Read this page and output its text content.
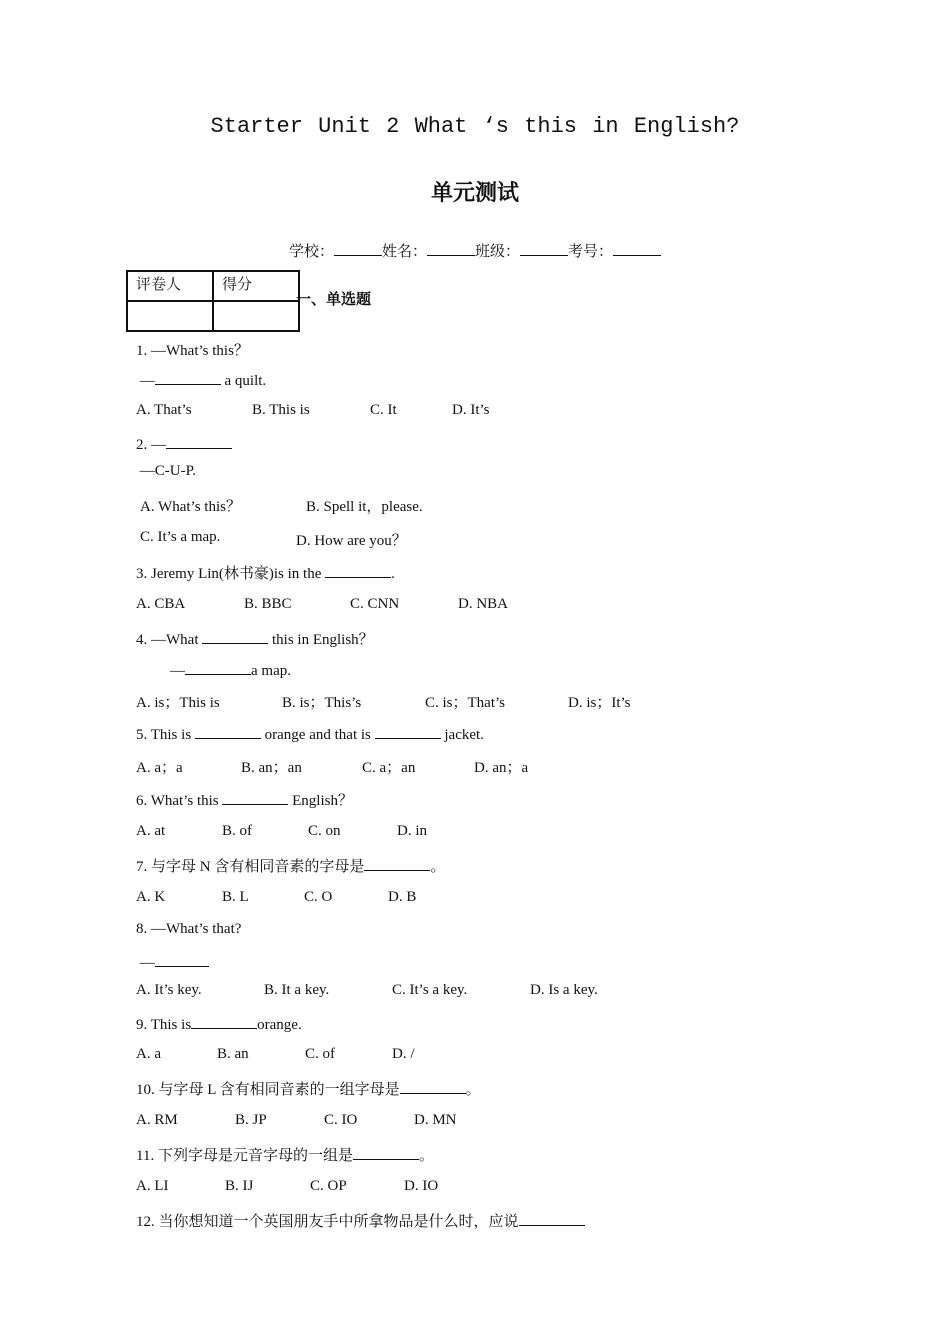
Starter Unit 2 What ‘s this in English?
单元测试
学校：	姓名：	班级：	考号：
评卷人	得分

一、单选题
1. —What’s this？
—	a quilt.
A. That’s	B. This is	C. It	D. It’s
2. —
—C-U-P.
A. What’s this？	B. Spell it，please.
C. It’s a map.	D. How are you？
3. Jeremy Lin(林书豪)is in the	.
A. CBA	B. BBC	C. CNN	D. NBA
4. —What	this in English？
—	a map.
A. is；This is	B. is；This’s	C. is；That’s	D. is；It’s
5. This is	orange and that is	jacket.
A. a；a	B. an；an	C. a；an	D. an；a
6. What’s this	English？
A. at	B. of	C. on	D. in
7. 与字母 N 含有相同音素的字母是	。
A. K	B. L	C. O	D. B
8. —What’s that?
—
A. It’s key.	B. It a key.	C. It’s a key.	D. Is a key.
9. This is	orange.
A. a	B. an	C. of	D. /
10. 与字母 L 含有相同音素的一组字母是	。
A. RM	B. JP	C. IO	D. MN
11. 下列字母是元音字母的一组是	。
A. LI	B. IJ	C. OP	D. IO
12. 当你想知道一个英国朋友手中所拿物品是什么时，应说
